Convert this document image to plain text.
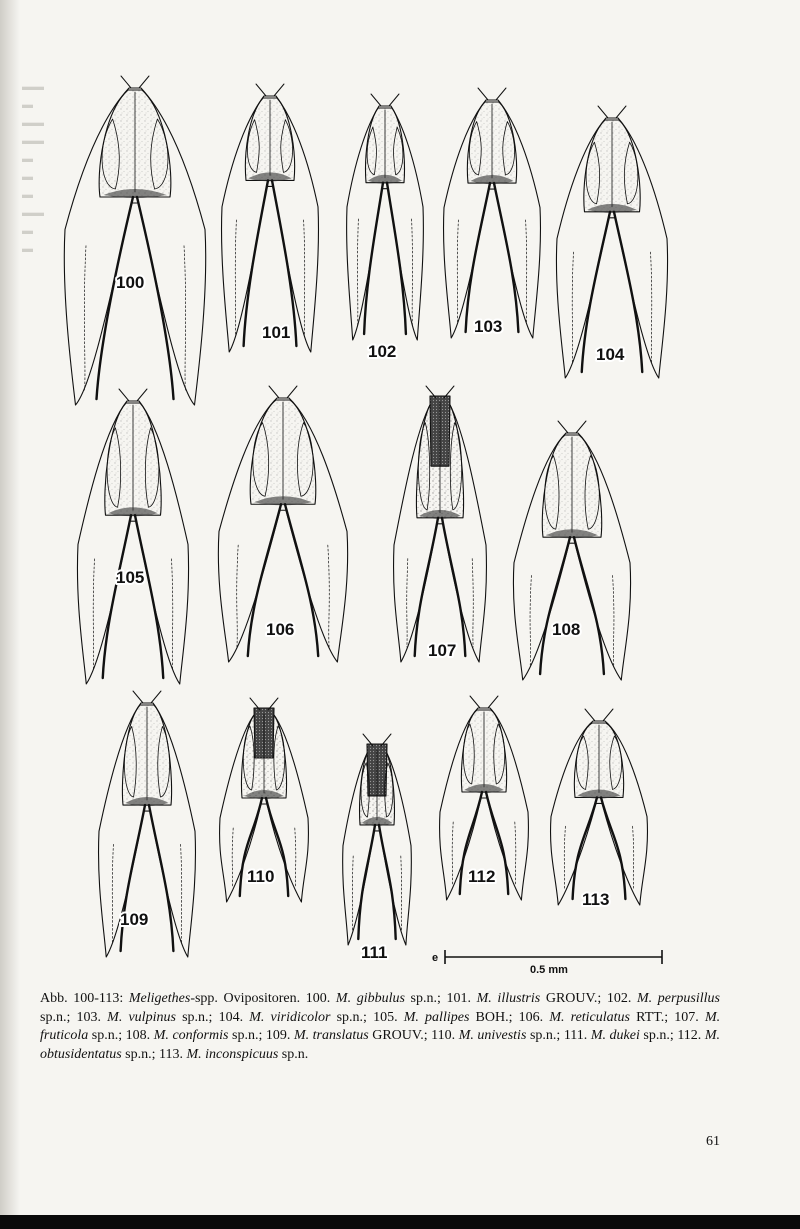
▬▬
▬
▬▬
▬▬
▬
▬
▬
▬▬
▬
▬
100
101
102
103
104
105
106
107
108
109
110
111
112
113
e
0.5 mm
Abb. 100-113: Meligethes-spp. Ovipositoren. 100. M. gibbulus sp.n.; 101. M. illustris GROUV.; 102. M. perpusillus sp.n.; 103. M. vulpinus sp.n.; 104. M. viridicolor sp.n.; 105. M. pallipes BOH.; 106. M. reticulatus RTT.; 107. M. fruticola sp.n.; 108. M. conformis sp.n.; 109. M. translatus GROUV.; 110. M. univestis sp.n.; 111. M. dukei sp.n.; 112. M. obtusidentatus sp.n.; 113. M. inconspicuus sp.n.
61
